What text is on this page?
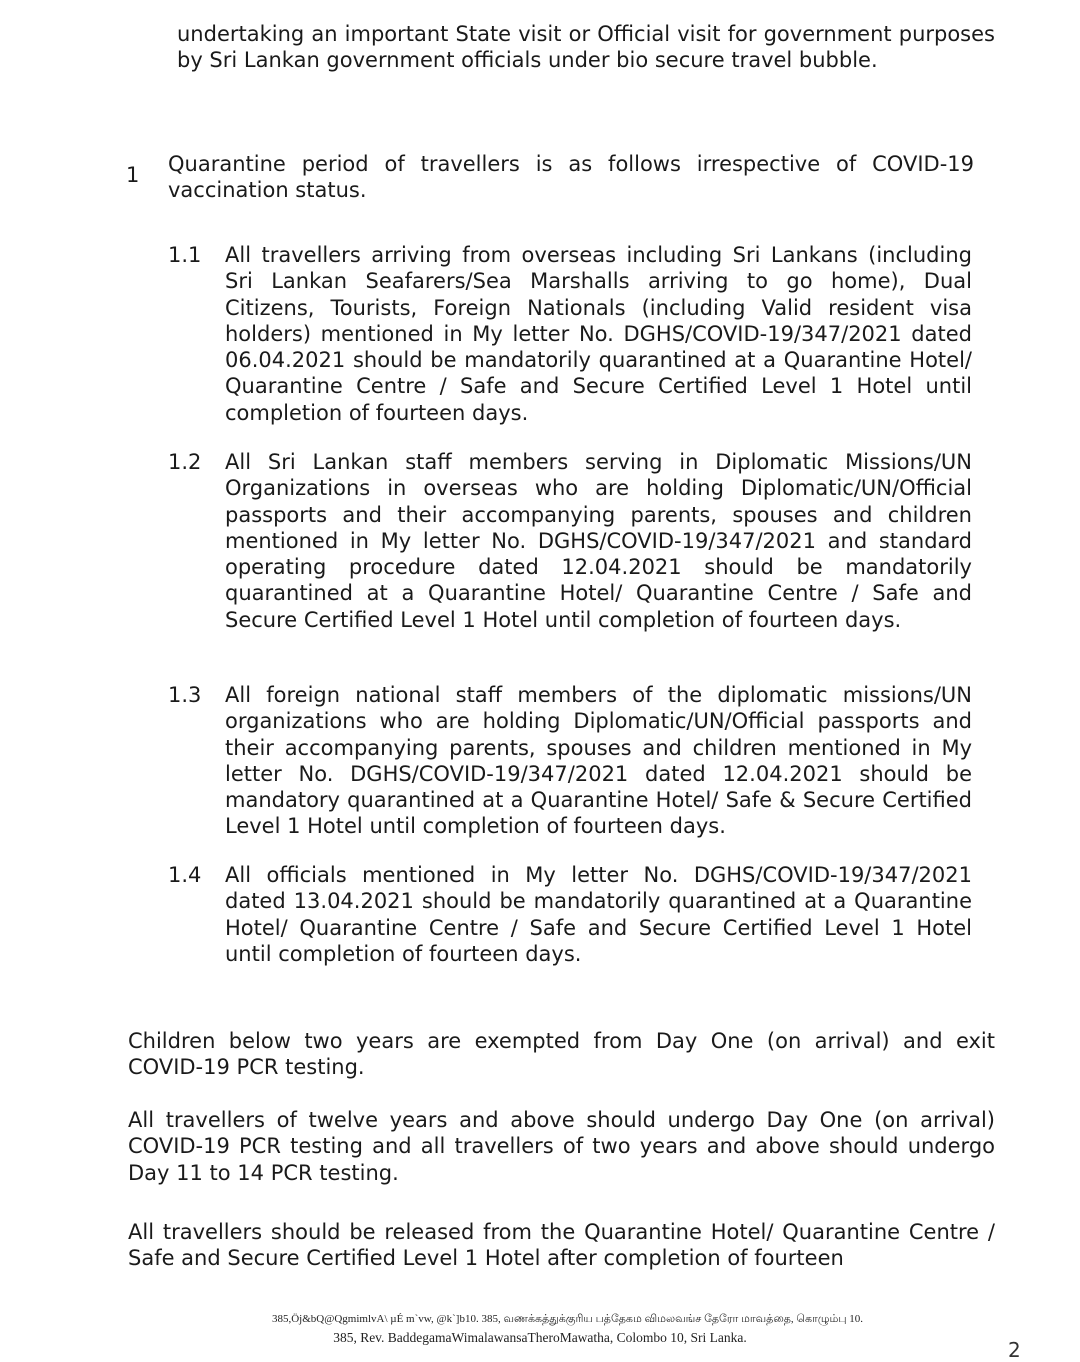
undertaking an important State visit or Official visit for government purposes by Sri Lankan government officials under bio secure travel bubble.

1 Quarantine period of travellers is as follows irrespective of COVID-19 vaccination status.

1.1 All travellers arriving from overseas including Sri Lankans (including Sri Lankan Seafarers/Sea Marshalls arriving to go home), Dual Citizens, Tourists, Foreign Nationals (including Valid resident visa holders) mentioned in My letter No. DGHS/COVID-19/347/2021 dated 06.04.2021 should be mandatorily quarantined at a Quarantine Hotel/ Quarantine Centre / Safe and Secure Certified Level 1 Hotel until completion of fourteen days.

1.2 All Sri Lankan staff members serving in Diplomatic Missions/UN Organizations in overseas who are holding Diplomatic/UN/Official passports and their accompanying parents, spouses and children mentioned in My letter No. DGHS/COVID-19/347/2021 and standard operating procedure dated 12.04.2021 should be mandatorily quarantined at a Quarantine Hotel/ Quarantine Centre / Safe and Secure Certified Level 1 Hotel until completion of fourteen days.

1.3 All foreign national staff members of the diplomatic missions/UN organizations who are holding Diplomatic/UN/Official passports and their accompanying parents, spouses and children mentioned in My letter No. DGHS/COVID-19/347/2021 dated 12.04.2021 should be mandatory quarantined at a Quarantine Hotel/ Safe & Secure Certified Level 1 Hotel until completion of fourteen days.

1.4 All officials mentioned in My letter No. DGHS/COVID-19/347/2021 dated 13.04.2021 should be mandatorily quarantined at a Quarantine Hotel/ Quarantine Centre / Safe and Secure Certified Level 1 Hotel until completion of fourteen days.

Children below two years are exempted from Day One (on arrival) and exit COVID-19 PCR testing.

All travellers of twelve years and above should undergo Day One (on arrival) COVID-19 PCR testing and all travellers of two years and above should undergo Day 11 to 14 PCR testing.

All travellers should be released from the Quarantine Hotel/ Quarantine Centre / Safe and Secure Certified Level 1 Hotel after completion of fourteen

385,Öj&bQ@QgmimlvA\ µÉ m`vw, @k`]b10. 385, வணக்கத்துக்குரிய பத்தேகம விமலவங்ச தேரோ மாவத்தை, கொழும்பு 10.
385, Rev. BaddegamaWimalawansaTheroMawatha, Colombo 10, Sri Lanka.
2
